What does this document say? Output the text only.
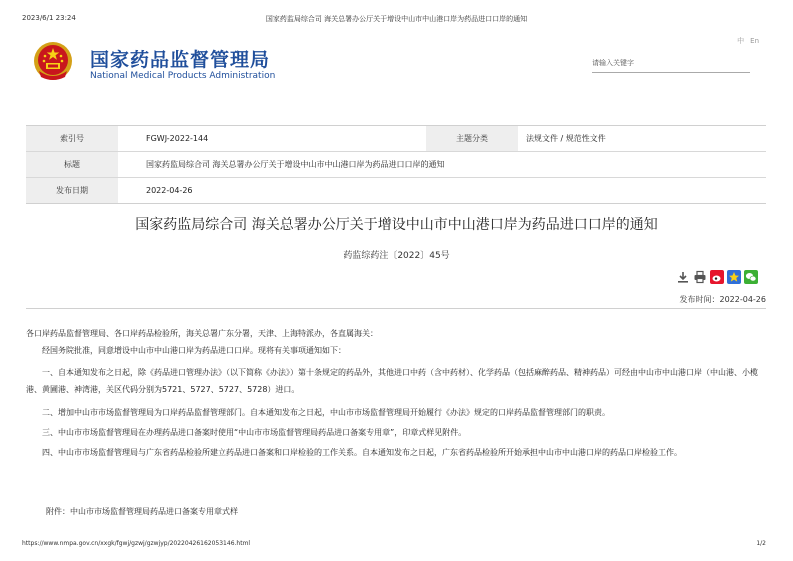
2023/6/1 23:24	国家药监局综合司 海关总署办公厅关于增设中山市中山港口岸为药品进口口岸的通知
中 En
国家药品监督管理局
National Medical Products Administration
请输入关键字
索引号	FGWJ-2022-144	主题分类	法规文件 / 规范性文件
标题	国家药监局综合司 海关总署办公厅关于增设中山市中山港口岸为药品进口口岸的通知
发布日期	2022-04-26
国家药监局综合司 海关总署办公厅关于增设中山市中山港口岸为药品进口口岸的通知
药监综药注〔2022〕45号
发布时间：2022-04-26
各口岸药品监督管理局、各口岸药品检验所，海关总署广东分署，天津、上海特派办，各直属海关：
经国务院批准，同意增设中山市中山港口岸为药品进口口岸。现将有关事项通知如下：
一、自本通知发布之日起，除《药品进口管理办法》（以下简称《办法》）第十条规定的药品外，其他进口中药（含中药材）、化学药品（包括麻醉药品、精神药品）可经由中山市中山港口岸（中山港、小榄港、黄圃港、神湾港，关区代码分别为5721、5727、5727、5728）进口。
二、增加中山市市场监督管理局为口岸药品监督管理部门。自本通知发布之日起，中山市市场监督管理局开始履行《办法》规定的口岸药品监督管理部门的职责。
三、中山市市场监督管理局在办理药品进口备案时使用“中山市市场监督管理局药品进口备案专用章”，印章式样见附件。
四、中山市市场监督管理局与广东省药品检验所建立药品进口备案和口岸检验的工作关系。自本通知发布之日起，广东省药品检验所开始承担中山市中山港口岸的药品口岸检验工作。
附件：中山市市场监督管理局药品进口备案专用章式样
https://www.nmpa.gov.cn/xxgk/fgwj/gzwj/gzwjyp/20220426162053146.html	1/2
